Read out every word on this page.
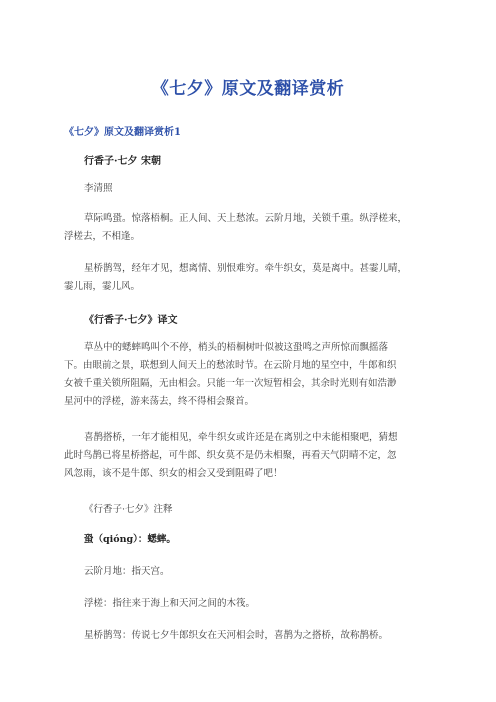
《七夕》原文及翻译赏析
《七夕》原文及翻译赏析1
行香子·七夕 宋朝
李清照
草际鸣蛩。惊落梧桐。正人间、天上愁浓。云阶月地，关锁千重。纵浮槎来，
浮槎去，不相逢。
星桥鹊驾，经年才见，想离情、别恨难穷。牵牛织女，莫是离中。甚霎儿晴，
霎儿雨，霎儿风。
《行香子·七夕》译文
草丛中的蟋蟀鸣叫个不停，梢头的梧桐树叶似被这蛩鸣之声所惊而飘摇落
下。由眼前之景，联想到人间天上的愁浓时节。在云阶月地的星空中，牛郎和织
女被千重关锁所阻隔，无由相会。只能一年一次短暂相会，其余时光则有如浩渺
星河中的浮槎，游来荡去，终不得相会聚首。
喜鹊搭桥，一年才能相见，牵牛织女或许还是在离别之中未能相聚吧，猜想
此时鸟鹊已将星桥搭起，可牛郎、织女莫不是仍未相聚，再看天气阴晴不定，忽
风忽雨，该不是牛郎、织女的相会又受到阻碍了吧！
《行香子·七夕》注释
蛩（qióng）：蟋蟀。
云阶月地：指天宫。
浮槎：指往来于海上和天河之间的木筏。
星桥鹊驾：传说七夕牛郎织女在天河相会时，喜鹊为之搭桥，故称鹊桥。
